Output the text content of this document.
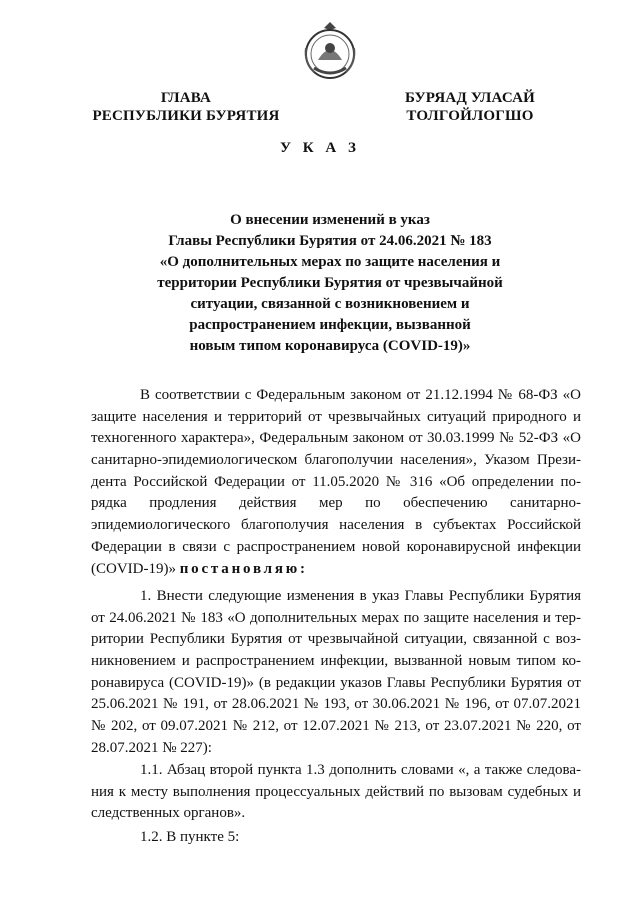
ГЛАВА
РЕСПУБЛИКИ БУРЯТИЯ
БУРЯАД УЛАСАЙ
ТОЛГОЙЛОГШО
У К А З
О внесении изменений в указ
Главы Республики Бурятия от 24.06.2021 № 183
«О дополнительных мерах по защите населения и
территории Республики Бурятия от чрезвычайной
ситуации, связанной с возникновением и
распространением инфекции, вызванной
новым типом коронавируса (COVID-19)»
В соответствии с Федеральным законом от 21.12.1994 № 68-ФЗ «О
защите населения и территорий от чрезвычайных ситуаций природного и
техногенного характера», Федеральным законом от 30.03.1999 № 52-ФЗ «О
санитарно-эпидемиологическом благополучии населения», Указом Прези-
дента Российской Федерации от 11.05.2020 № 316 «Об определении по-
рядка продления действия мер по обеспечению санитарно-
эпидемиологического благополучия населения в субъектах Российской
Федерации в связи с распространением новой коронавирусной инфекции
(COVID-19)» постановляю:
1. Внести следующие изменения в указ Главы Республики Бурятия
от 24.06.2021 № 183 «О дополнительных мерах по защите населения и тер-
ритории Республики Бурятия от чрезвычайной ситуации, связанной с воз-
никновением и распространением инфекции, вызванной новым типом ко-
ронавируса (COVID-19)» (в редакции указов Главы Республики Бурятия от
25.06.2021 № 191, от 28.06.2021 № 193, от 30.06.2021 № 196, от 07.07.2021
№ 202, от 09.07.2021 № 212, от 12.07.2021 № 213, от 23.07.2021 № 220, от
28.07.2021 № 227):
1.1. Абзац второй пункта 1.3 дополнить словами «, а также следова-
ния к месту выполнения процессуальных действий по вызовам судебных и
следственных органов».
1.2. В пункте 5:
